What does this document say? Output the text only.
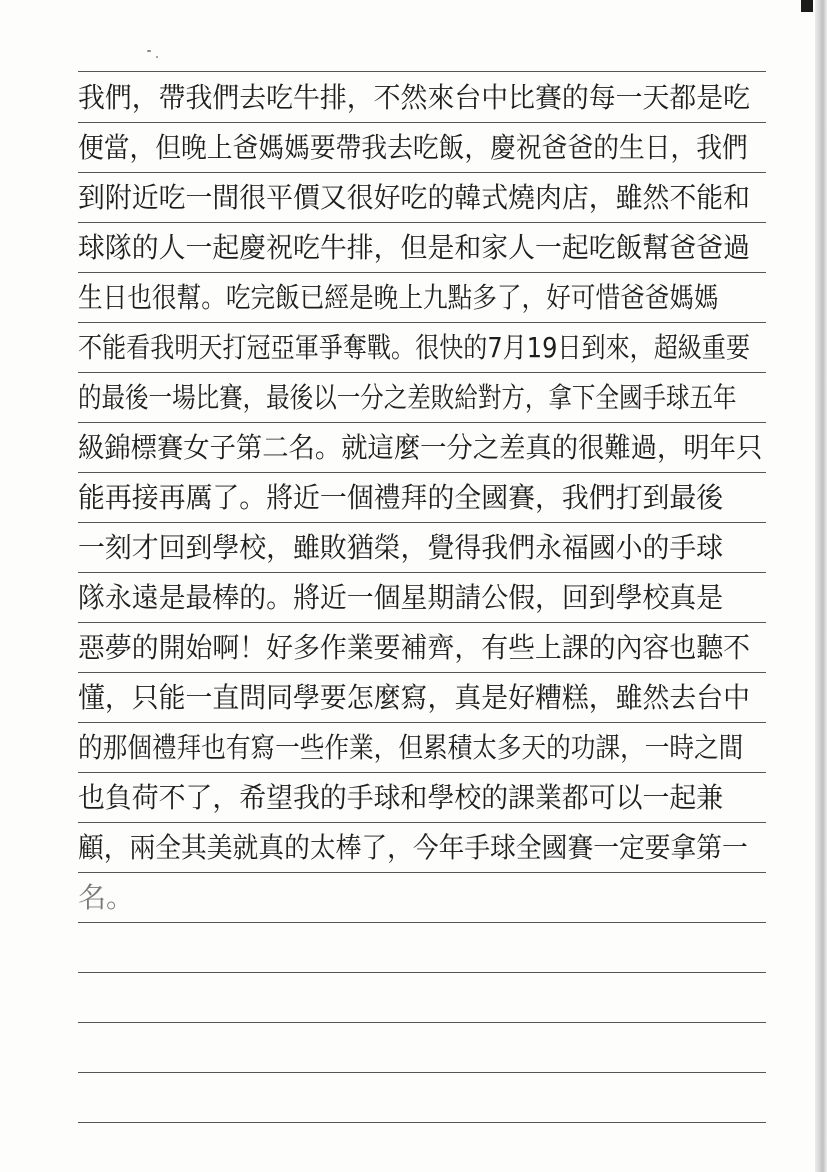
我們，帶我們去吃牛排，不然來台中比賽的每一天都是吃
便當，但晚上爸媽媽要帶我去吃飯，慶祝爸爸的生日，我們
到附近吃一間很平價又很好吃的韓式燒肉店，雖然不能和
球隊的人一起慶祝吃牛排，但是和家人一起吃飯幫爸爸過
生日也很幫。吃完飯已經是晚上九點多了，好可惜爸爸媽媽
不能看我明天打冠亞軍爭奪戰。很快的7月19日到來，超級重要
的最後一場比賽，最後以一分之差敗給對方，拿下全國手球五年
級錦標賽女子第二名。就這麼一分之差真的很難過，明年只
能再接再厲了。將近一個禮拜的全國賽，我們打到最後
一刻才回到學校，雖敗猶榮，覺得我們永福國小的手球
隊永遠是最棒的。將近一個星期請公假，回到學校真是
惡夢的開始啊！好多作業要補齊，有些上課的內容也聽不
懂，只能一直問同學要怎麼寫，真是好糟糕，雖然去台中
的那個禮拜也有寫一些作業，但累積太多天的功課，一時之間
也負荷不了，希望我的手球和學校的課業都可以一起兼
顧，兩全其美就真的太棒了，今年手球全國賽一定要拿第一
名。
